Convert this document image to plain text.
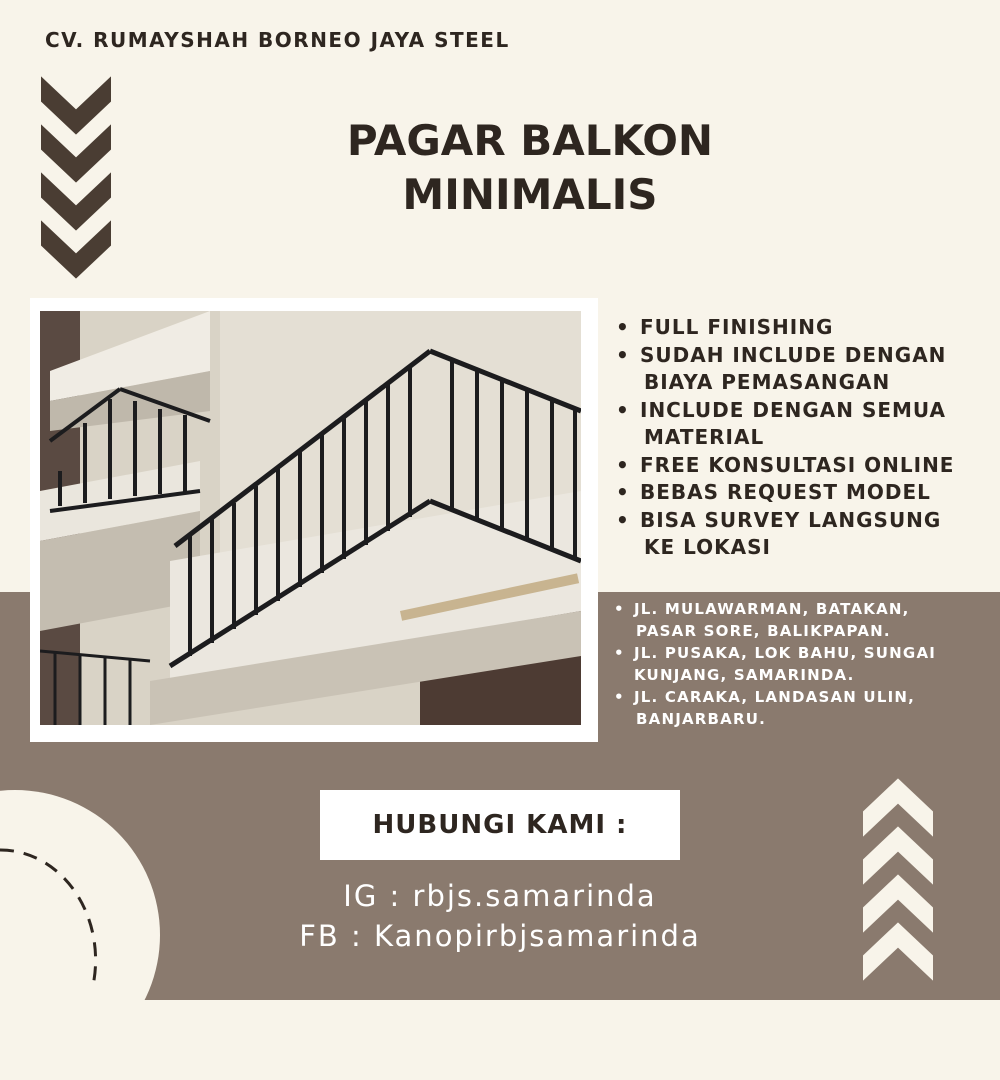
CV. RUMAYSHAH BORNEO JAYA STEEL
PAGAR BALKON
MINIMALIS
• FULL FINISHING
• SUDAH INCLUDE DENGAN
BIAYA PEMASANGAN
• INCLUDE DENGAN SEMUA
MATERIAL
• FREE KONSULTASI ONLINE
• BEBAS REQUEST MODEL
• BISA SURVEY LANGSUNG
KE LOKASI
• JL. MULAWARMAN, BATAKAN,
PASAR SORE, BALIKPAPAN.
• JL. PUSAKA, LOK BAHU, SUNGAI
KUNJANG, SAMARINDA.
• JL. CARAKA, LANDASAN ULIN,
BANJARBARU.
HUBUNGI KAMI :
IG : rbjs.samarinda
FB : Kanopirbjsamarinda
